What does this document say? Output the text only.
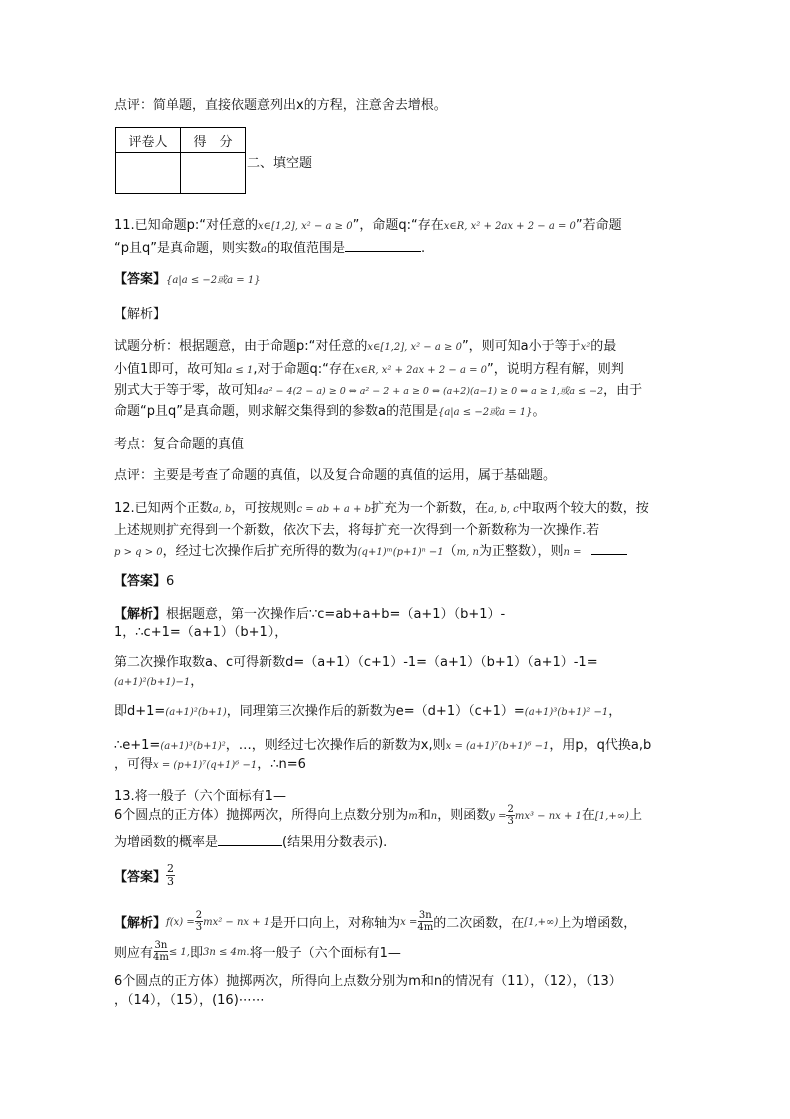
点评：简单题，直接依题意列出x的方程，注意舍去增根。
评卷人	得　分

二、填空题
11.已知命题p:“对任意的x∈[1,2], x² − a ≥ 0”，命题q:“存在x∈R, x² + 2ax + 2 − a = 0”若命题
“p且q”是真命题，则实数a的取值范围是	.
【答案】{a|a ≤ −2或a = 1}
【解析】
试题分析：根据题意，由于命题p:“对任意的x∈[1,2], x² − a ≥ 0”，则可知a小于等于x²的最
小值1即可，故可知a ≤ 1,对于命题q:“存在x∈R, x² + 2ax + 2 − a = 0”，说明方程有解，则判
别式大于等于零，故可知4a² − 4(2 − a) ≥ 0 ⇔ a² − 2 + a ≥ 0 ⇔ (a+2)(a−1) ≥ 0 ⇔ a ≥ 1,或a ≤ −2，由于
命题“p且q”是真命题，则求解交集得到的参数a的范围是{a|a ≤ −2或a = 1}。
考点：复合命题的真值
点评：主要是考查了命题的真值，以及复合命题的真值的运用，属于基础题。
12.已知两个正数a, b，可按规则c = ab + a + b扩充为一个新数，在a, b, c中取两个较大的数，按
上述规则扩充得到一个新数，依次下去，将每扩充一次得到一个新数称为一次操作.若
p > q > 0，经过七次操作后扩充所得的数为(q+1)ᵐ(p+1)ⁿ −1（m, n为正整数），则n =
【答案】6
【解析】根据题意，第一次操作后∵c=ab+a+b=（a+1）（b+1）-
1，∴c+1=（a+1）（b+1），
第二次操作取数a、c可得新数d=（a+1）（c+1）-1=（a+1）（b+1）（a+1）-1=
(a+1)²(b+1)−1，
即d+1=(a+1)²(b+1)，同理第三次操作后的新数为e=（d+1）（c+1）=(a+1)³(b+1)² −1，
∴e+1=(a+1)³(b+1)²，…，则经过七次操作后的新数为x,则x = (a+1)⁷(b+1)⁶ −1，用p，q代换a,b
，可得x = (p+1)⁷(q+1)⁶ −1，∴n=6
13.将一般子（六个面标有1—
6个圆点的正方体）抛掷两次，所得向上点数分别为m和n，则函数$y = \frac{2}{3} mx^3$ − nx + 1在[1,+∞)上
为增函数的概率是	(结果用分数表示).
【答案】 $\frac{2}{3}$
【解析】$f(x) = \frac{2}{3} mx^2$ − nx + 1是开口向上，对称轴为$x = \frac{3n}{4m}$ 的二次函数，在[1,+∞)上为增函数，
则应有 $\frac{3n}{4m} \le 1$,即3n ≤ 4m.将一般子（六个面标有1—
6个圆点的正方体）抛掷两次，所得向上点数分别为m和n的情况有（11），（12），（13）
，（14），（15），(16)⋯⋯
